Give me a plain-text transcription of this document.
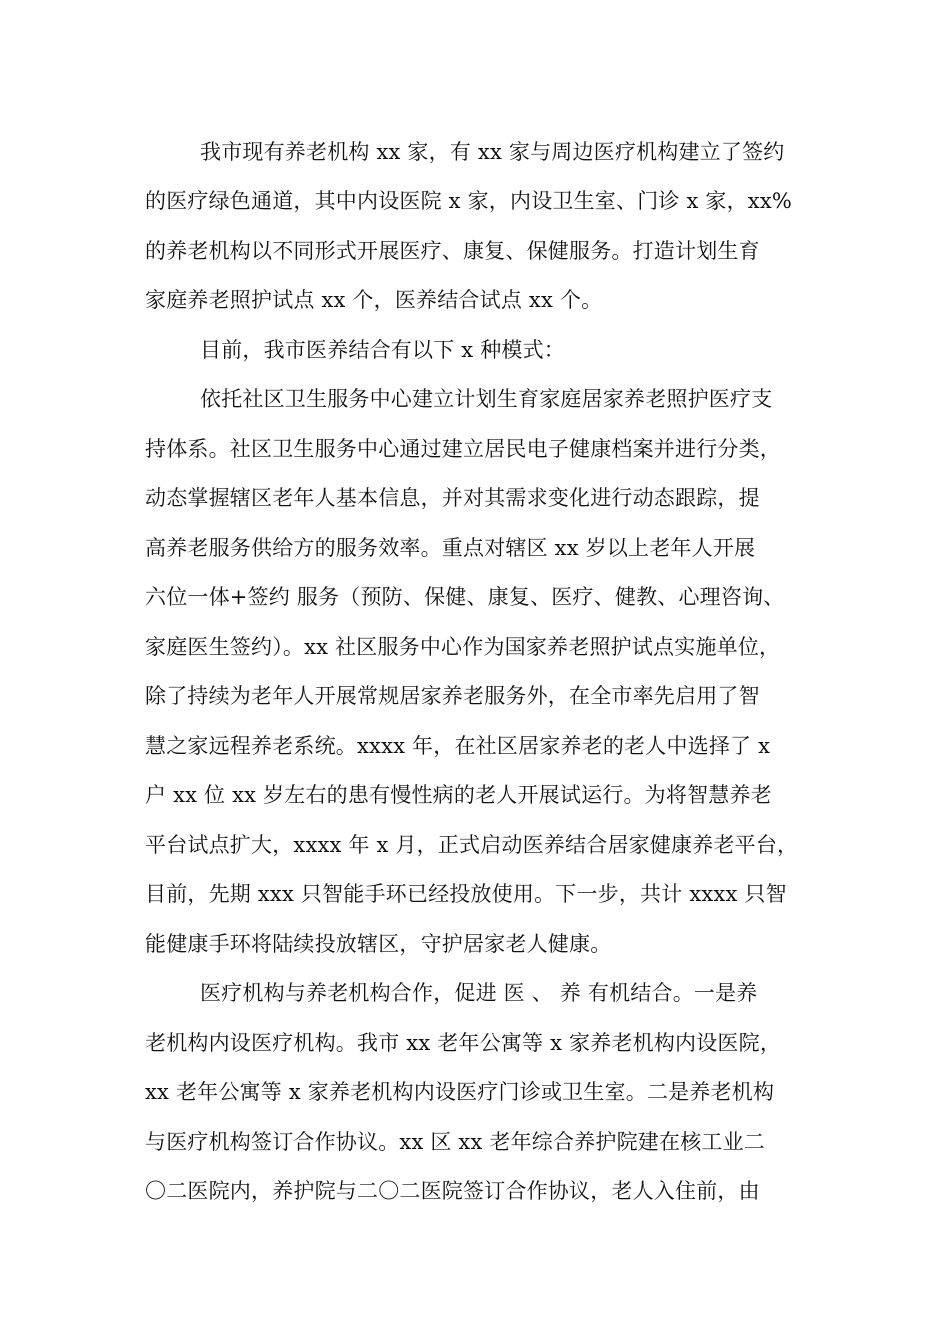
我市现有养老机构 xx 家，有 xx 家与周边医疗机构建立了签约
的医疗绿色通道，其中内设医院 x 家，内设卫生室、门诊 x 家，xx%
的养老机构以不同形式开展医疗、康复、保健服务。打造计划生育
家庭养老照护试点 xx 个，医养结合试点 xx 个。
目前，我市医养结合有以下 x 种模式：
依托社区卫生服务中心建立计划生育家庭居家养老照护医疗支
持体系。社区卫生服务中心通过建立居民电子健康档案并进行分类，
动态掌握辖区老年人基本信息，并对其需求变化进行动态跟踪，提
高养老服务供给方的服务效率。重点对辖区 xx 岁以上老年人开展
六位一体+签约 服务（预防、保健、康复、医疗、健教、心理咨询、
家庭医生签约）。xx 社区服务中心作为国家养老照护试点实施单位，
除了持续为老年人开展常规居家养老服务外，在全市率先启用了智
慧之家远程养老系统。xxxx 年，在社区居家养老的老人中选择了 x
户 xx 位 xx 岁左右的患有慢性病的老人开展试运行。为将智慧养老
平台试点扩大，xxxx 年 x 月，正式启动医养结合居家健康养老平台，
目前，先期 xxx 只智能手环已经投放使用。下一步，共计 xxxx 只智
能健康手环将陆续投放辖区，守护居家老人健康。
医疗机构与养老机构合作，促进 医 、 养 有机结合。一是养
老机构内设医疗机构。我市 xx 老年公寓等 x 家养老机构内设医院，
xx 老年公寓等 x 家养老机构内设医疗门诊或卫生室。二是养老机构
与医疗机构签订合作协议。xx 区 xx 老年综合养护院建在核工业二
〇二医院内，养护院与二〇二医院签订合作协议，老人入住前，由
